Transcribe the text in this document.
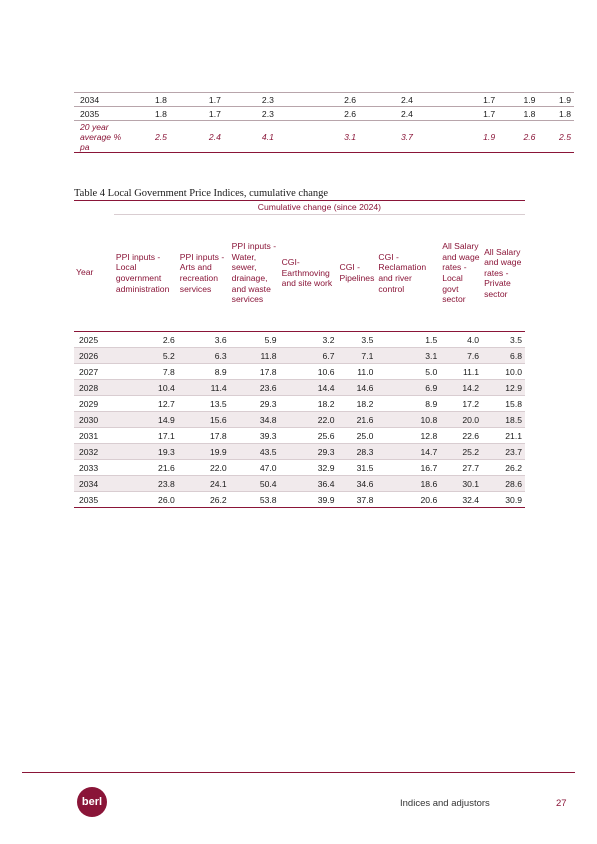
2034	1.8	1.7	2.3	2.6	2.4	1.7	1.9	1.9
2035	1.8	1.7	2.3	2.6	2.4	1.7	1.8	1.8
20 year average % pa	2.5	2.4	4.1	3.1	3.7	1.9	2.6	2.5
Table 4 Local Government Price Indices, cumulative change
	Cumulative change (since 2024)							
Year	PPI inputs - Local government administration	PPI inputs - Arts and recreation services	PPI inputs - Water, sewer, drainage, and waste services	CGI- Earthmoving and site work	CGI - Pipelines	CGI - Reclamation and river control	All Salary and wage rates - Local govt sector	All Salary and wage rates - Private sector
2025	2.6	3.6	5.9	3.2	3.5	1.5	4.0	3.5
2026	5.2	6.3	11.8	6.7	7.1	3.1	7.6	6.8
2027	7.8	8.9	17.8	10.6	11.0	5.0	11.1	10.0
2028	10.4	11.4	23.6	14.4	14.6	6.9	14.2	12.9
2029	12.7	13.5	29.3	18.2	18.2	8.9	17.2	15.8
2030	14.9	15.6	34.8	22.0	21.6	10.8	20.0	18.5
2031	17.1	17.8	39.3	25.6	25.0	12.8	22.6	21.1
2032	19.3	19.9	43.5	29.3	28.3	14.7	25.2	23.7
2033	21.6	22.0	47.0	32.9	31.5	16.7	27.7	26.2
2034	23.8	24.1	50.4	36.4	34.6	18.6	30.1	28.6
2035	26.0	26.2	53.8	39.9	37.8	20.6	32.4	30.9
berl	Indices and adjustors	27
